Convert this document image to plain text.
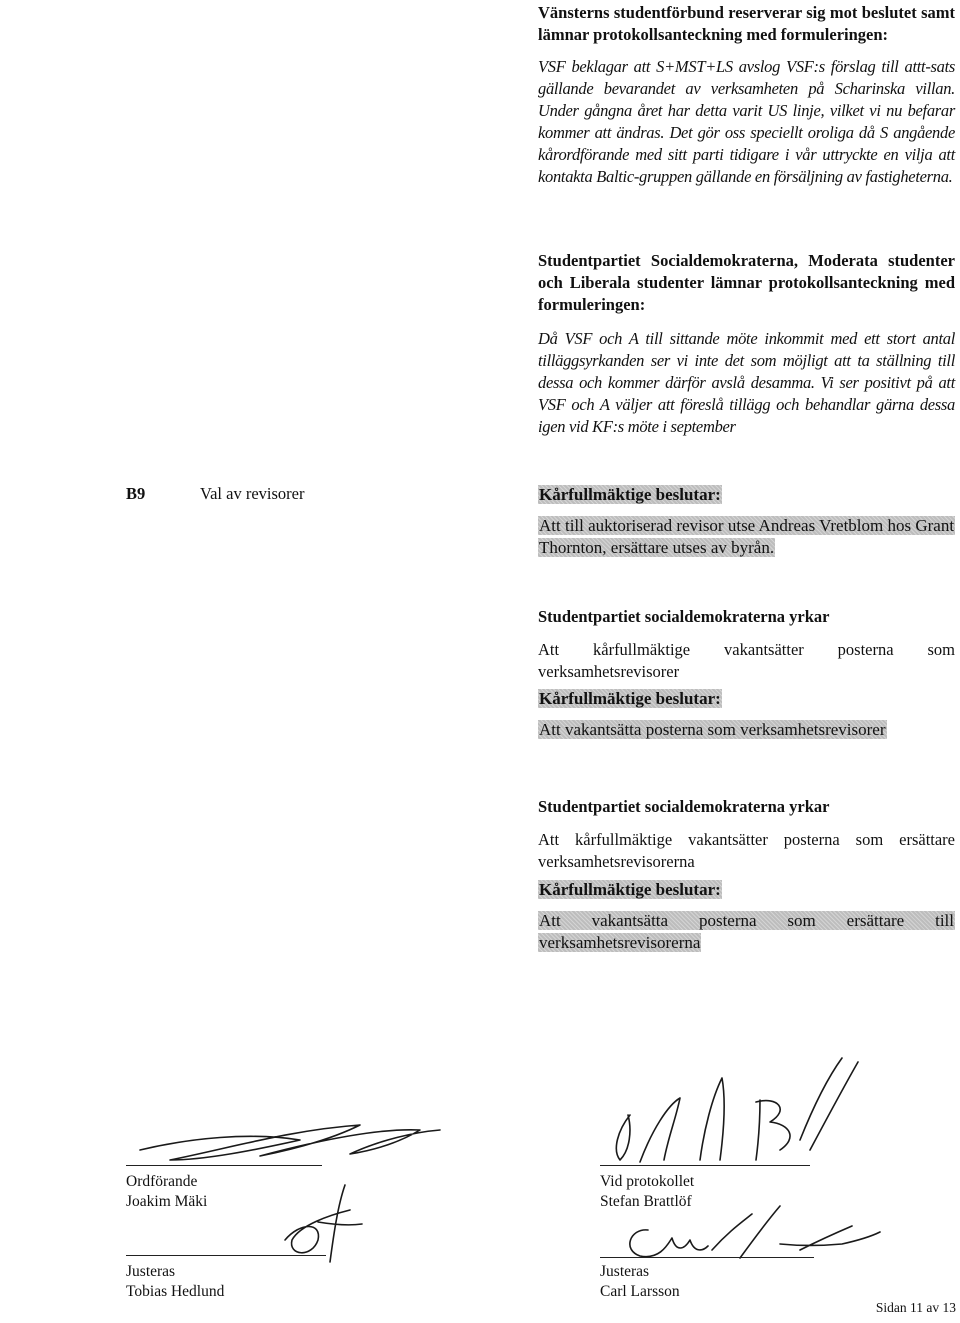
Vänsterns studentförbund reserverar sig mot beslutet samt lämnar protokollsanteckning med formuleringen:
VSF beklagar att S+MST+LS avslog VSF:s förslag till attt-sats gällande bevarandet av verksamheten på Scharinska villan. Under gångna året har detta varit US linje, vilket vi nu befarar kommer att ändras. Det gör oss speciellt oroliga då S angående kårordförande med sitt parti tidigare i vår uttryckte en vilja att kontakta Baltic-gruppen gällande en försäljning av fastigheterna.
Studentpartiet Socialdemokraterna, Moderata studenter och Liberala studenter lämnar protokollsanteckning med formuleringen:
Då VSF och A till sittande möte inkommit med ett stort antal tilläggsyrkanden ser vi inte det som möjligt att ta ställning till dessa och kommer därför avslå desamma. Vi ser positivt på att VSF och A väljer att föreslå tillägg och behandlar gärna dessa igen vid KF:s möte i september
B9	Val av revisorer	Kårfullmäktige beslutar:

Att till auktoriserad revisor utse Andreas Vretblom hos Grant Thornton, ersättare utses av byrån.

Studentpartiet socialdemokraterna yrkar
Att kårfullmäktige vakantsätter posterna som verksamhetsrevisorer

Kårfullmäktige beslutar:

Att vakantsätta posterna som verksamhetsrevisorer

Studentpartiet socialdemokraterna yrkar
Att kårfullmäktige vakantsätter posterna som ersättare verksamhetsrevisorerna

Kårfullmäktige beslutar:

Att vakantsätta posterna som ersättare till verksamhetsrevisorerna

Ordförande
Joakim Mäki
Vid protokollet
Stefan Brattlöf
Justeras
Tobias Hedlund
Justeras
Carl Larsson
Sidan 11 av 13
